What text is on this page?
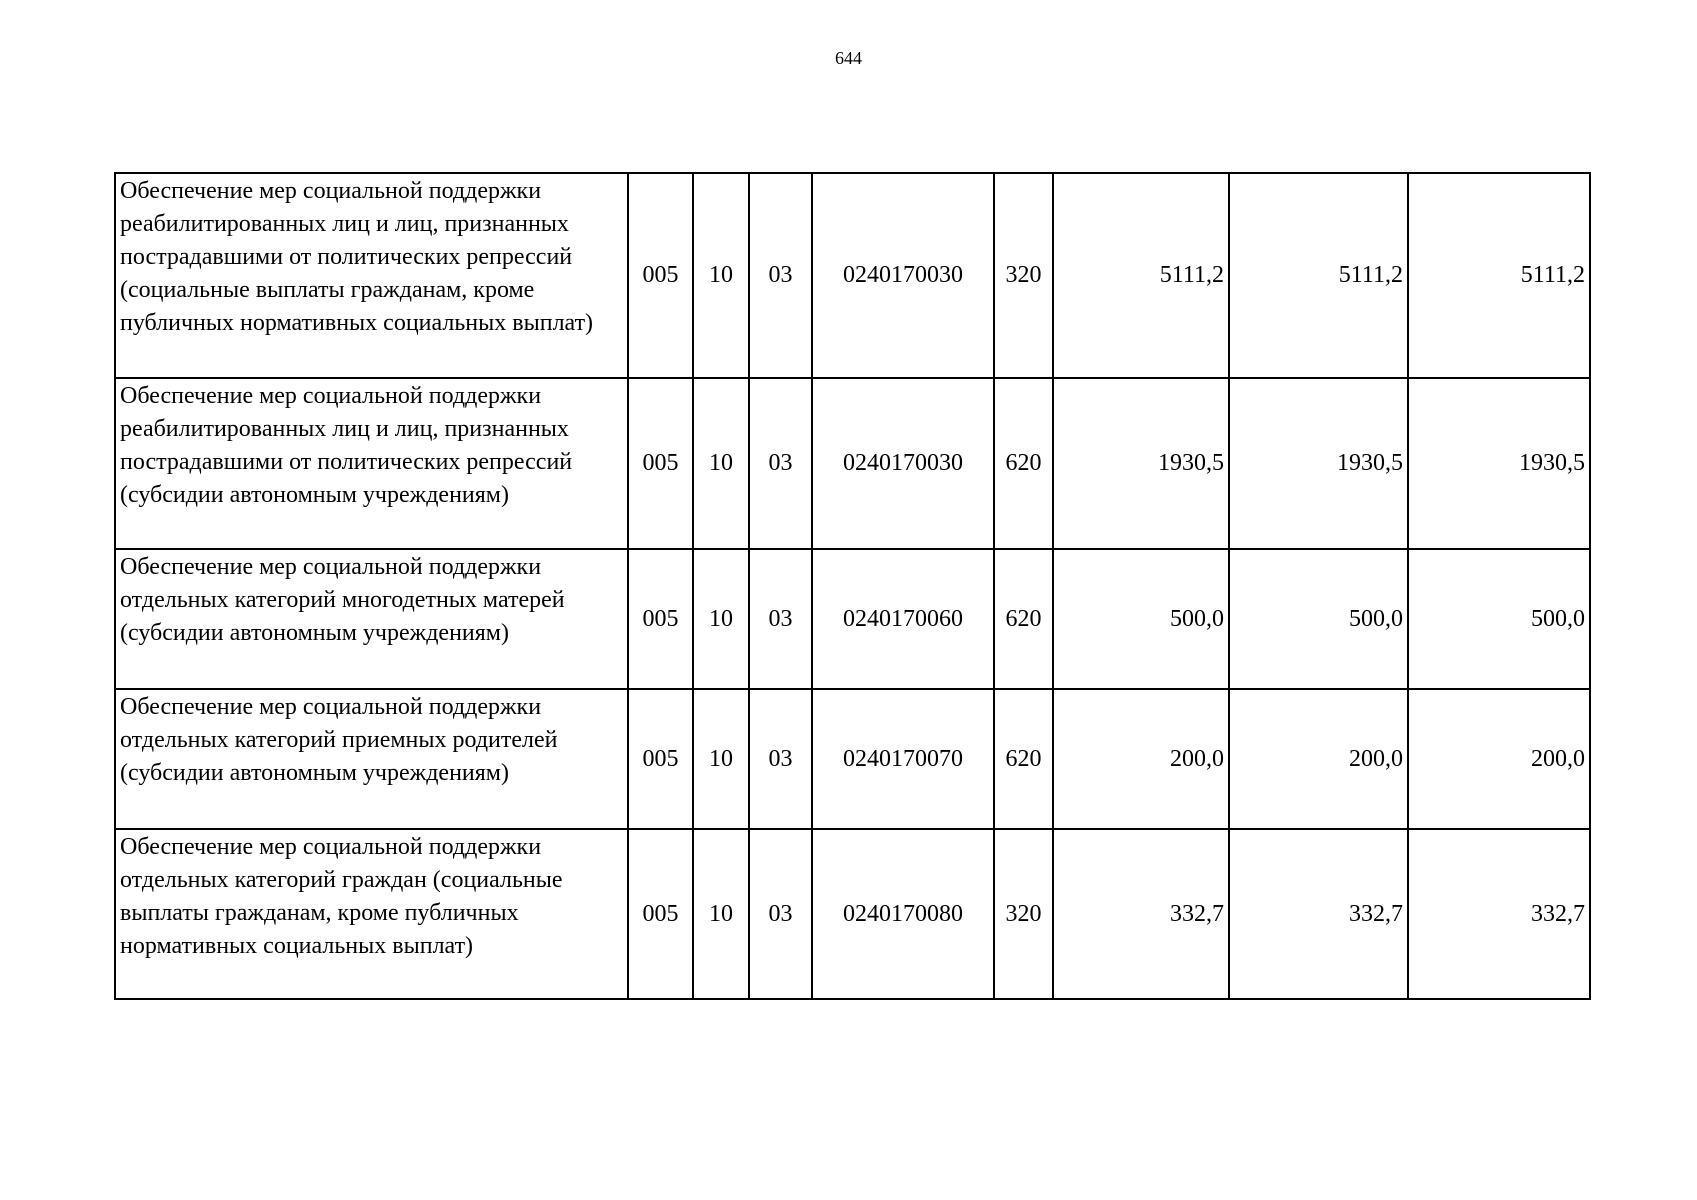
644
Обеспечение мер социальной поддержки реабилитированных лиц и лиц, признанных пострадавшими от политических репрессий (социальные выплаты гражданам, кроме публичных нормативных социальных выплат)	005	10	03	0240170030	320	5111,2	5111,2	5111,2
Обеспечение мер социальной поддержки реабилитированных лиц и лиц, признанных пострадавшими от политических репрессий (субсидии автономным учреждениям)	005	10	03	0240170030	620	1930,5	1930,5	1930,5
Обеспечение мер социальной поддержки отдельных категорий многодетных матерей (субсидии автономным учреждениям)	005	10	03	0240170060	620	500,0	500,0	500,0
Обеспечение мер социальной поддержки отдельных категорий приемных родителей (субсидии автономным учреждениям)	005	10	03	0240170070	620	200,0	200,0	200,0
Обеспечение мер социальной поддержки отдельных категорий граждан (социальные выплаты гражданам, кроме публичных нормативных социальных выплат)	005	10	03	0240170080	320	332,7	332,7	332,7
